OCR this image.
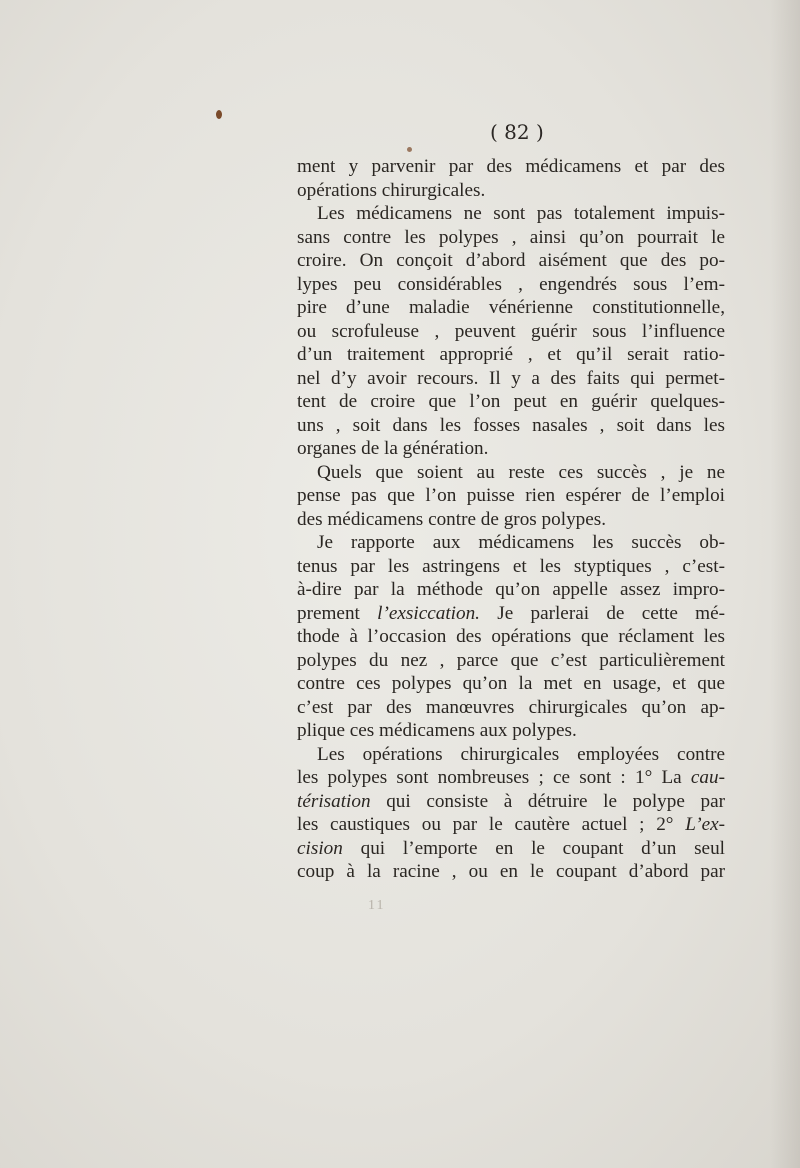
( 82 )
ment y parvenir par des médicamens et par des
opérations chirurgicales.
Les médicamens ne sont pas totalement impuis-
sans contre les polypes , ainsi qu’on pourrait le
croire. On conçoit d’abord aisément que des po-
lypes peu considérables , engendrés sous l’em-
pire d’une maladie vénérienne constitutionnelle,
ou scrofuleuse , peuvent guérir sous l’influence
d’un traitement approprié , et qu’il serait ratio-
nel d’y avoir recours. Il y a des faits qui permet-
tent de croire que l’on peut en guérir quelques-
uns , soit dans les fosses nasales , soit dans les
organes de la génération.
Quels que soient au reste ces succès , je ne
pense pas que l’on puisse rien espérer de l’emploi
des médicamens contre de gros polypes.
Je rapporte aux médicamens les succès ob-
tenus par les astringens et les styptiques , c’est-
à-dire par la méthode qu’on appelle assez impro-
prement l’exsiccation. Je parlerai de cette mé-
thode à l’occasion des opérations que réclament les
polypes du nez , parce que c’est particulièrement
contre ces polypes qu’on la met en usage, et que
c’est par des manœuvres chirurgicales qu’on ap-
plique ces médicamens aux polypes.
Les opérations chirurgicales employées contre
les polypes sont nombreuses ; ce sont : 1° La cau-
térisation qui consiste à détruire le polype par
les caustiques ou par le cautère actuel ; 2° L’ex-
cision qui l’emporte en le coupant d’un seul
coup à la racine , ou en le coupant d’abord par
11
